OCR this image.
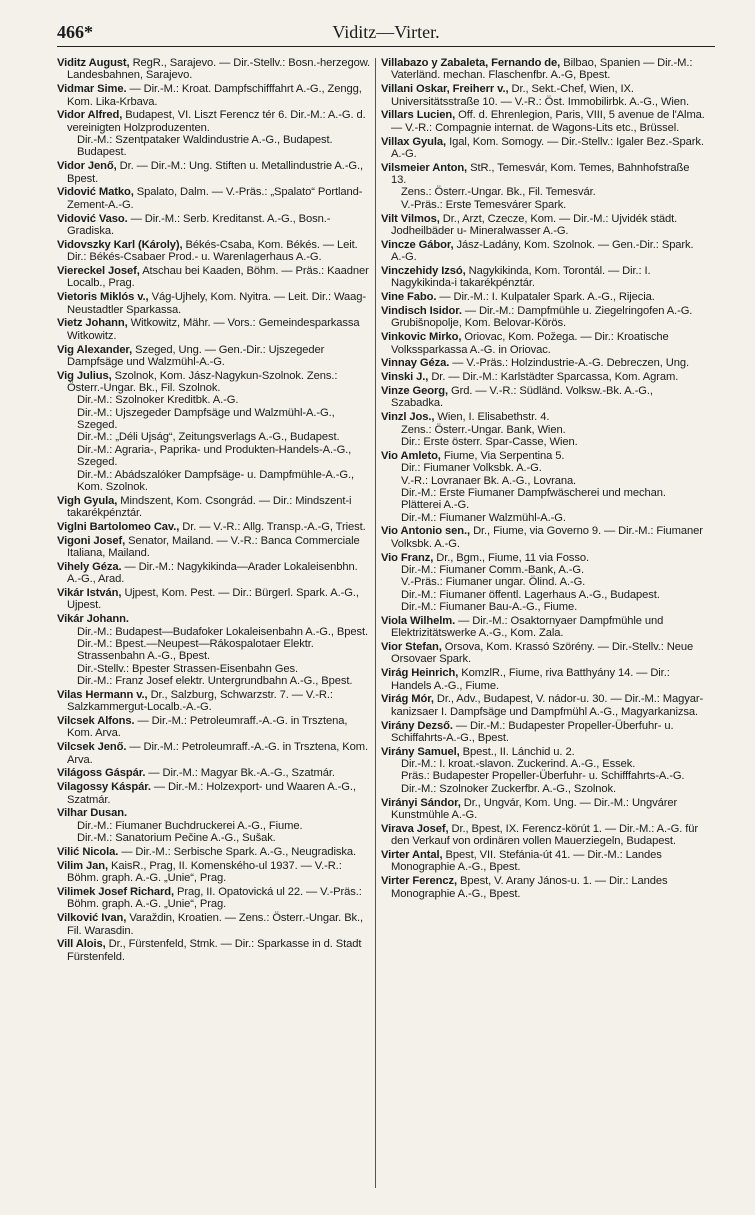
Viditz—Virter.
466*
Viditz August, RegR., Sarajevo. — Dir.-Stellv.: Bosn.-herzegow. Landesbahnen, Sarajevo.
Vidmar Sime. — Dir.-M.: Kroat. Dampfschifffahrt A.-G., Zengg, Kom. Lika-Krbava.
Vidor Alfred, Budapest, VI. Liszt Ferencz tér 6. Dir.-M.: A.-G. d. vereinigten Holzproduzenten.
Dir.-M.: Szentpataker Waldindustrie A.-G., Budapest.
Budapest.
Vidor Jenő, Dr. — Dir.-M.: Ung. Stiften u. Metallindustrie A.-G., Bpest.
Vidović Matko, Spalato, Dalm. — V.-Präs.: „Spalato“ Portland-Zement-A.-G.
Vidović Vaso. — Dir.-M.: Serb. Kreditanst. A.-G., Bosn.-Gradiska.
Vidovszky Karl (Károly), Békés-Csaba, Kom. Békés. — Leit. Dir.: Békés-Csabaer Prod.- u. Warenlagerhaus A.-G.
Viereckel Josef, Atschau bei Kaaden, Böhm. — Präs.: Kaadner Localb., Prag.
Vietoris Miklós v., Vág-Ujhely, Kom. Nyitra. — Leit. Dir.: Waag-Neustadtler Sparkassa.
Vietz Johann, Witkowitz, Mähr. — Vors.: Gemeindesparkassa Witkowitz.
Vig Alexander, Szeged, Ung. — Gen.-Dir.: Ujszegeder Dampfsäge und Walzmühl-A.-G.
Vig Julius, Szolnok, Kom. Jász-Nagykun-Szolnok. Zens.: Österr.-Ungar. Bk., Fil. Szolnok.
Dir.-M.: Szolnoker Kreditbk. A.-G.
Dir.-M.: Ujszegeder Dampfsäge und Walzmühl-A.-G., Szeged.
Dir.-M.: „Déli Ujság“, Zeitungsverlags A.-G., Budapest.
Dir.-M.: Agraria-, Paprika- und Produkten-Handels-A.-G., Szeged.
Dir.-M.: Abádszalóker Dampfsäge- u. Dampfmühle-A.-G., Kom. Szolnok.
Vigh Gyula, Mindszent, Kom. Csongrád. — Dir.: Mindszent-i takarékpénztár.
Viglni Bartolomeo Cav., Dr. — V.-R.: Allg. Transp.-A.-G, Triest.
Vigoni Josef, Senator, Mailand. — V.-R.: Banca Commerciale Italiana, Mailand.
Vihely Géza. — Dir.-M.: Nagykikinda—Arader Lokaleisenbhn. A.-G., Arad.
Vikár István, Ujpest, Kom. Pest. — Dir.: Bürgerl. Spark. A.-G., Ujpest.
Vikár Johann.
Dir.-M.: Budapest—Budafoker Lokaleisenbahn A.-G., Bpest.
Dir.-M.: Bpest.—Neupest—Rákospalotaer Elektr. Strassenbahn A.-G., Bpest.
Dir.-Stellv.: Bpester Strassen-Eisenbahn Ges.
Dir.-M.: Franz Josef elektr. Untergrundbahn A.-G., Bpest.
Vilas Hermann v., Dr., Salzburg, Schwarzstr. 7. — V.-R.: Salzkammergut-Localb.-A.-G.
Vilcsek Alfons. — Dir.-M.: Petroleumraff.-A.-G. in Trsztena, Kom. Arva.
Vilcsek Jenő. — Dir.-M.: Petroleumraff.-A.-G. in Trsztena, Kom. Arva.
Világoss Gáspár. — Dir.-M.: Magyar Bk.-A.-G., Szatmár.
Vilagossy Káspár. — Dir.-M.: Holzexport- und Waaren A.-G., Szatmár.
Vilhar Dusan.
Dir.-M.: Fiumaner Buchdruckerei A.-G., Fiume.
Dir.-M.: Sanatorium Pečine A.-G., Sušak.
Vilić Nicola. — Dir.-M.: Serbische Spark. A.-G., Neugradiska.
Vilim Jan, KaisR., Prag, II. Komenského-ul 1937. — V.-R.: Böhm. graph. A.-G. „Unie“, Prag.
Vilimek Josef Richard, Prag, II. Opatovická ul 22. — V.-Präs.: Böhm. graph. A.-G. „Unie“, Prag.
Vilković Ivan, Varaždin, Kroatien. — Zens.: Österr.-Ungar. Bk., Fil. Warasdin.
Vill Alois, Dr., Fürstenfeld, Stmk. — Dir.: Sparkasse in d. Stadt Fürstenfeld.
Villabazo y Zabaleta, Fernando de, Bilbao, Spanien — Dir.-M.: Vaterländ. mechan. Flaschenfbr. A.-G, Bpest.
Villani Oskar, Freiherr v., Dr., Sekt.-Chef, Wien, IX. Universitätsstraße 10. — V.-R.: Öst. Immobilirbk. A.-G., Wien.
Villars Lucien, Off. d. Ehrenlegion, Paris, VIII, 5 avenue de l'Alma. — V.-R.: Compagnie internat. de Wagons-Lits etc., Brüssel.
Villax Gyula, Igal, Kom. Somogy. — Dir.-Stellv.: Igaler Bez.-Spark. A.-G.
Vilsmeier Anton, StR., Temesvár, Kom. Temes, Bahnhofstraße 13.
Zens.: Österr.-Ungar. Bk., Fil. Temesvár.
V.-Präs.: Erste Temesvárer Spark.
Vilt Vilmos, Dr., Arzt, Czecze, Kom. — Dir.-M.: Ujvidék städt. Jodheilbäder u- Mineralwasser A.-G.
Vincze Gábor, Jász-Ladány, Kom. Szolnok. — Gen.-Dir.: Spark. A.-G.
Vinczehidy Izsó, Nagykikinda, Kom. Torontál. — Dir.: I. Nagykikinda-i takarékpénztár.
Vine Fabo. — Dir.-M.: I. Kulpataler Spark. A.-G., Rijecia.
Vindisch Isidor. — Dir.-M.: Dampfmühle u. Ziegelringofen A.-G. Grubišnopolje, Kom. Belovar-Körös.
Vinkovic Mirko, Oriovac, Kom. Požega. — Dir.: Kroatische Volkssparkassa A.-G. in Oriovac.
Vinnay Géza. — V.-Präs.: Holzindustrie-A.-G. Debreczen, Ung.
Vinski J., Dr. — Dir.-M.: Karlstädter Sparcassa, Kom. Agram.
Vinze Georg, Grd. — V.-R.: Südländ. Volksw.-Bk. A.-G., Szabadka.
Vinzl Jos., Wien, I. Elisabethstr. 4.
Zens.: Österr.-Ungar. Bank, Wien.
Dir.: Erste österr. Spar-Casse, Wien.
Vio Amleto, Fiume, Via Serpentina 5.
Dir.: Fiumaner Volksbk. A.-G.
V.-R.: Lovranaer Bk. A.-G., Lovrana.
Dir.-M.: Erste Fiumaner Dampfwäscherei und mechan. Plätterei A.-G.
Dir.-M.: Fiumaner Walzmühl-A.-G.
Vio Antonio sen., Dr., Fiume, via Governo 9. — Dir.-M.: Fiumaner Volksbk. A.-G.
Vio Franz, Dr., Bgm., Fiume, 11 via Fosso.
Dir.-M.: Fiumaner Comm.-Bank, A.-G.
V.-Präs.: Fiumaner ungar. Ölind. A.-G.
Dir.-M.: Fiumaner öffentl. Lagerhaus A.-G., Budapest.
Dir.-M.: Fiumaner Bau-A.-G., Fiume.
Viola Wilhelm. — Dir.-M.: Osaktornyaer Dampfmühle und Elektrizitätswerke A.-G., Kom. Zala.
Vior Stefan, Orsova, Kom. Krassó Szörény. — Dir.-Stellv.: Neue Orsovaer Spark.
Virág Heinrich, KomzlR., Fiume, riva Batthyány 14. — Dir.: Handels A.-G., Fiume.
Virág Mór, Dr., Adv., Budapest, V. nádor-u. 30. — Dir.-M.: Magyar-kanizsaer I. Dampfsäge und Dampfmühl A.-G., Magyarkanizsa.
Virány Dezső. — Dir.-M.: Budapester Propeller-Überfuhr- u. Schiffahrts-A.-G., Bpest.
Virány Samuel, Bpest., II. Lánchid u. 2.
Dir.-M.: I. kroat.-slavon. Zuckerind. A.-G., Essek.
Präs.: Budapester Propeller-Überfuhr- u. Schifffahrts-A.-G.
Dir.-M.: Szolnoker Zuckerfbr. A.-G., Szolnok.
Virányi Sándor, Dr., Ungvár, Kom. Ung. — Dir.-M.: Ungvárer Kunstmühle A.-G.
Virava Josef, Dr., Bpest, IX. Ferencz-körút 1. — Dir.-M.: A.-G. für den Verkauf von ordinären vollen Mauerziegeln, Budapest.
Virter Antal, Bpest, VII. Stefánia-út 41. — Dir.-M.: Landes Monographie A.-G., Bpest.
Virter Ferencz, Bpest, V. Arany János-u. 1. — Dir.: Landes Monographie A.-G., Bpest.
